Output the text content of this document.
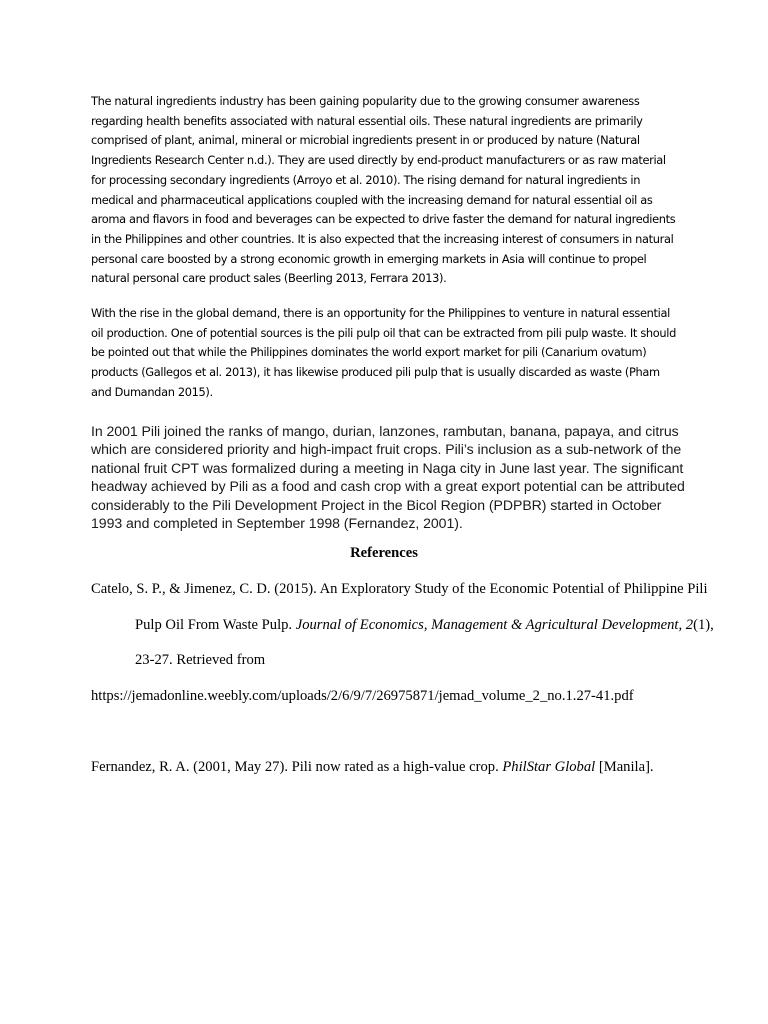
The natural ingredients industry has been gaining popularity due to the growing consumer awareness regarding health benefits associated with natural essential oils. These natural ingredients are primarily comprised of plant, animal, mineral or microbial ingredients present in or produced by nature (Natural Ingredients Research Center n.d.). They are used directly by end-product manufacturers or as raw material for processing secondary ingredients (Arroyo et al. 2010). The rising demand for natural ingredients in medical and pharmaceutical applications coupled with the increasing demand for natural essential oil as aroma and flavors in food and beverages can be expected to drive faster the demand for natural ingredients in the Philippines and other countries. It is also expected that the increasing interest of consumers in natural personal care boosted by a strong economic growth in emerging markets in Asia will continue to propel natural personal care product sales (Beerling 2013, Ferrara 2013).

With the rise in the global demand, there is an opportunity for the Philippines to venture in natural essential oil production. One of potential sources is the pili pulp oil that can be extracted from pili pulp waste. It should be pointed out that while the Philippines dominates the world export market for pili (Canarium ovatum) products (Gallegos et al. 2013), it has likewise produced pili pulp that is usually discarded as waste (Pham and Dumandan 2015).

In 2001 Pili joined the ranks of mango, durian, lanzones, rambutan, banana, papaya, and citrus which are considered priority and high-impact fruit crops. Pili’s inclusion as a sub-network of the national fruit CPT was formalized during a meeting in Naga city in June last year. The significant headway achieved by Pili as a food and cash crop with a great export potential can be attributed considerably to the Pili Development Project in the Bicol Region (PDPBR) started in October 1993 and completed in September 1998 (Fernandez, 2001).

References

Catelo, S. P., & Jimenez, C. D. (2015). An Exploratory Study of the Economic Potential of Philippine Pili Pulp Oil From Waste Pulp. Journal of Economics, Management & Agricultural Development, 2(1), 23-27. Retrieved from
https://jemadonline.weebly.com/uploads/2/6/9/7/26975871/jemad_volume_2_no.1.27-41.pdf

Fernandez, R. A. (2001, May 27). Pili now rated as a high-value crop. PhilStar Global [Manila].
